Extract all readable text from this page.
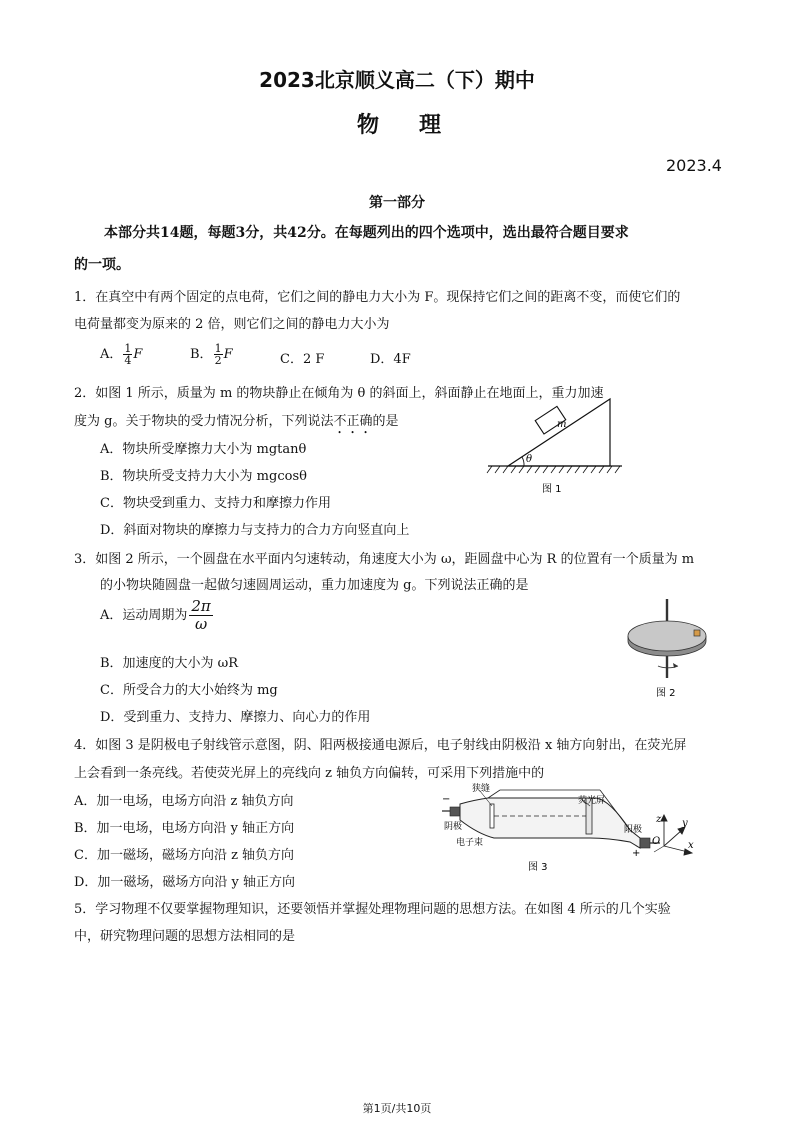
2023北京顺义高二（下）期中
物理
2023.4
第一部分
本部分共14题，每题3分，共42分。在每题列出的四个选项中，选出最符合题目要求
的一项。
1．在真空中有两个固定的点电荷，它们之间的静电力大小为 F。现保持它们之间的距离不变，而使它们的
电荷量都变为原来的 2 倍，则它们之间的静电力大小为
A． $\frac{1}{4}$ F	B． $\frac{1}{2}$ F	C．2 F	D．4F
2．如图 1 所示，质量为 m 的物块静止在倾角为 θ 的斜面上，斜面静止在地面上，重力加速
度为 g。关于物块的受力情况分析，下列说法不正确的是
A．物块所受摩擦力大小为 mgtanθ
B．物块所受支持力大小为 mgcosθ
C．物块受到重力、支持力和摩擦力作用
D．斜面对物块的摩擦力与支持力的合力方向竖直向上
m
θ
图 1
3．如图 2 所示，一个圆盘在水平面内匀速转动，角速度大小为 ω，距圆盘中心为 R 的位置有一个质量为 m
的小物块随圆盘一起做匀速圆周运动，重力加速度为 g。下列说法正确的是
A．运动周期为 $\frac{2\pi}{\omega}$
B．加速度的大小为 ωR
C．所受合力的大小始终为 mg
D．受到重力、支持力、摩擦力、向心力的作用
图 2
4．如图 3 是阴极电子射线管示意图，阴、阳两极接通电源后，电子射线由阴极沿 x 轴方向射出，在荧光屏
上会看到一条亮线。若使荧光屏上的亮线向 z 轴负方向偏转，可采用下列措施中的
A．加一电场，电场方向沿 z 轴负方向
B．加一电场，电场方向沿 y 轴正方向
C．加一磁场，磁场方向沿 z 轴负方向
D．加一磁场，磁场方向沿 y 轴正方向
狭缝
荧光屏
阴极
电子束
阳极
−
+
z y
x
O
图 3
5．学习物理不仅要掌握物理知识，还要领悟并掌握处理物理问题的思想方法。在如图 4 所示的几个实验
中，研究物理问题的思想方法相同的是
第1页/共10页
